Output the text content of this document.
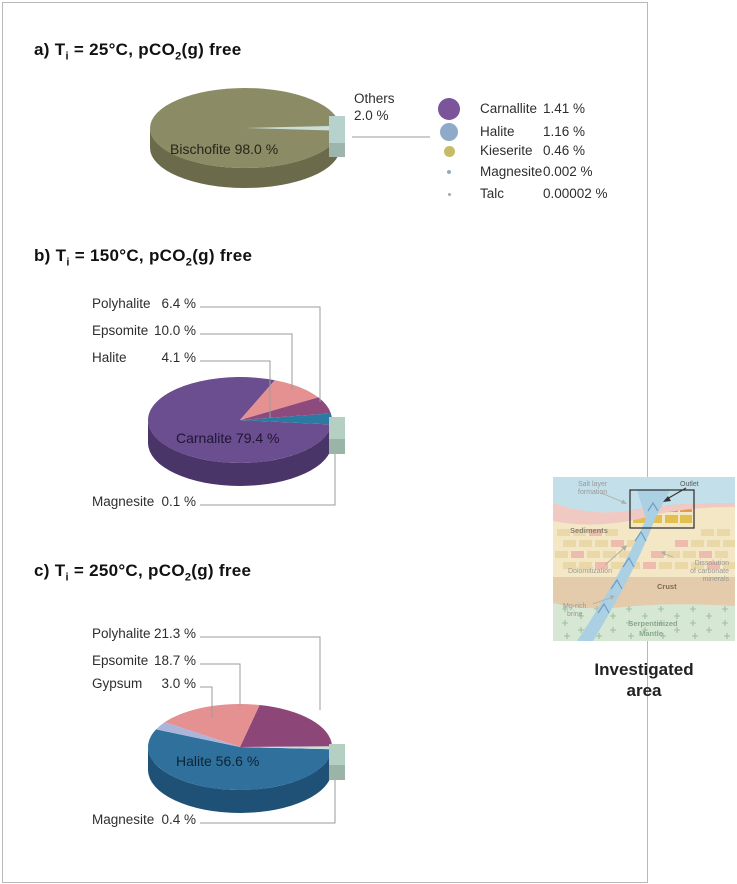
a) $T_i = 25^\circ C$, pCO$_2$(g) free
Bischofite 98.0 %
Others
2.0 %	Carnallite 1.41 %
Halite 1.16 %
Kieserite 0.46 %
Magnesite 0.002 %
Talc	0.00002 %
b) $T_i = 150^\circ C$, pCO$_2$(g) free
Carnalite 79.4 %
Polyhalite 6.4 %
Epsomite 10.0 %
Halite	4.1 %
Magnesite 0.1 %
c) $T_i = 250^\circ C$, pCO$_2$(g) free
Halite 56.6 %
Polyhalite 21.3 %
Epsomite 18.7 %
Gypsum	3.0 %
Magnesite 0.4 %
Salt layer
formation
Outlet
Sediments
Dolomitization
Dissolution
of carbonate
minerals
Crust
Mg-rich
brine
Serpentinized
Mantle
Investigated
area
